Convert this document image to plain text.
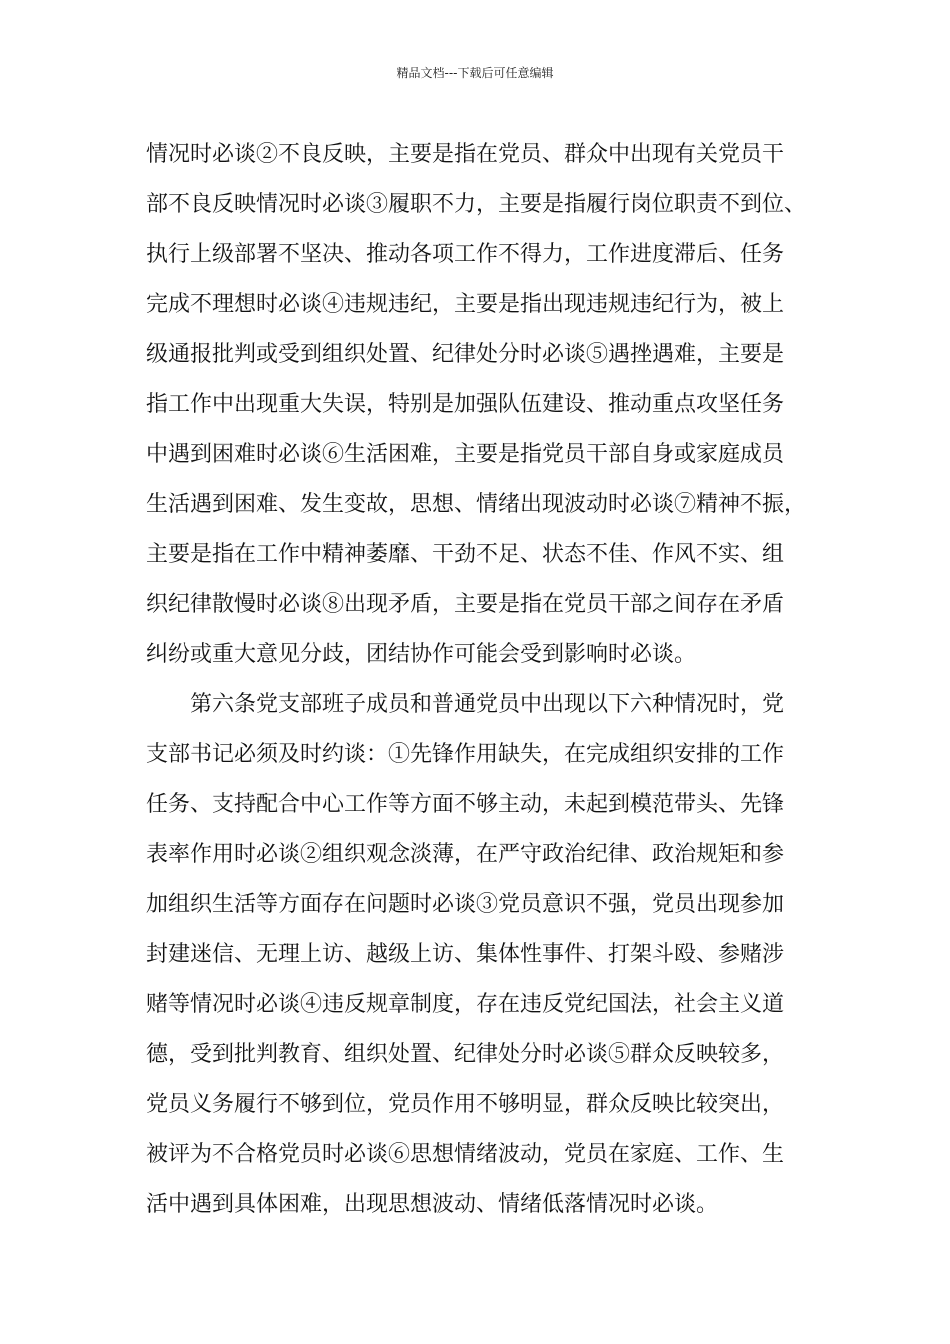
精品文档---下载后可任意编辑
情况时必谈②不良反映，主要是指在党员、群众中出现有关党员干
部不良反映情况时必谈③履职不力，主要是指履行岗位职责不到位、
执行上级部署不坚决、推动各项工作不得力，工作进度滞后、任务
完成不理想时必谈④违规违纪，主要是指出现违规违纪行为，被上
级通报批判或受到组织处置、纪律处分时必谈⑤遇挫遇难，主要是
指工作中出现重大失误，特别是加强队伍建设、推动重点攻坚任务
中遇到困难时必谈⑥生活困难，主要是指党员干部自身或家庭成员
生活遇到困难、发生变故，思想、情绪出现波动时必谈⑦精神不振，
主要是指在工作中精神萎靡、干劲不足、状态不佳、作风不实、组
织纪律散慢时必谈⑧出现矛盾，主要是指在党员干部之间存在矛盾
纠纷或重大意见分歧，团结协作可能会受到影响时必谈。
第六条党支部班子成员和普通党员中出现以下六种情况时，党
支部书记必须及时约谈：①先锋作用缺失，在完成组织安排的工作
任务、支持配合中心工作等方面不够主动，未起到模范带头、先锋
表率作用时必谈②组织观念淡薄，在严守政治纪律、政治规矩和参
加组织生活等方面存在问题时必谈③党员意识不强，党员出现参加
封建迷信、无理上访、越级上访、集体性事件、打架斗殴、参赌涉
赌等情况时必谈④违反规章制度，存在违反党纪国法，社会主义道
德，受到批判教育、组织处置、纪律处分时必谈⑤群众反映较多，
党员义务履行不够到位，党员作用不够明显，群众反映比较突出，
被评为不合格党员时必谈⑥思想情绪波动，党员在家庭、工作、生
活中遇到具体困难，出现思想波动、情绪低落情况时必谈。
